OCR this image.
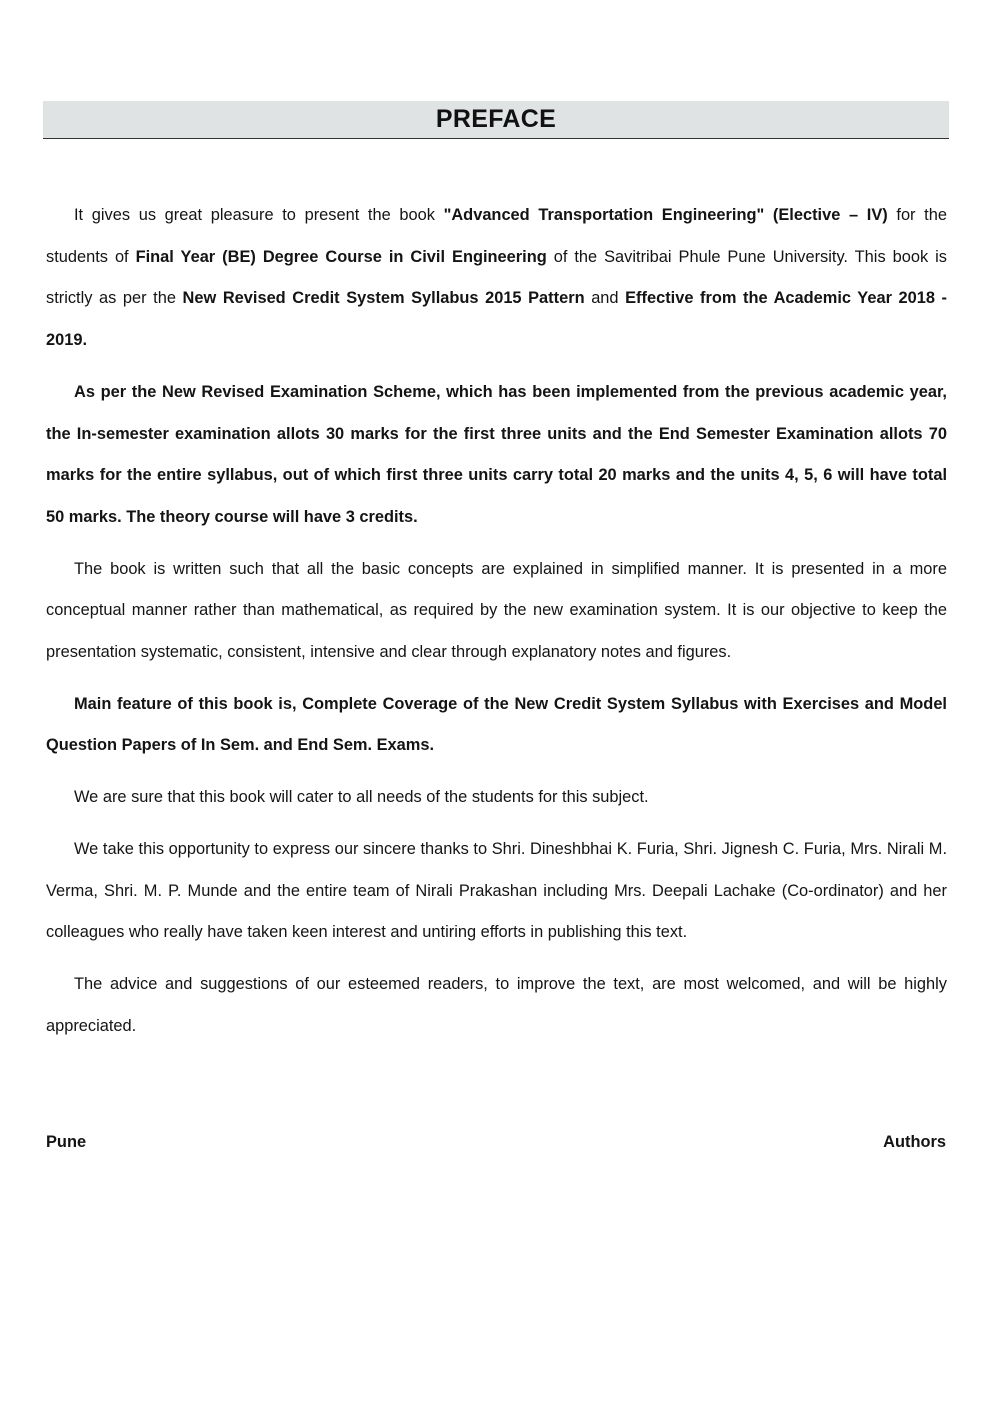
PREFACE

It gives us great pleasure to present the book "Advanced Transportation Engineering" (Elective – IV) for the students of Final Year (BE) Degree Course in Civil Engineering of the Savitribai Phule Pune University. This book is strictly as per the New Revised Credit System Syllabus 2015 Pattern and Effective from the Academic Year 2018 - 2019.

As per the New Revised Examination Scheme, which has been implemented from the previous academic year, the In-semester examination allots 30 marks for the first three units and the End Semester Examination allots 70 marks for the entire syllabus, out of which first three units carry total 20 marks and the units 4, 5, 6 will have total 50 marks. The theory course will have 3 credits.

The book is written such that all the basic concepts are explained in simplified manner. It is presented in a more conceptual manner rather than mathematical, as required by the new examination system. It is our objective to keep the presentation systematic, consistent, intensive and clear through explanatory notes and figures.

Main feature of this book is, Complete Coverage of the New Credit System Syllabus with Exercises and Model Question Papers of In Sem. and End Sem. Exams.

We are sure that this book will cater to all needs of the students for this subject.

We take this opportunity to express our sincere thanks to Shri. Dineshbhai K. Furia, Shri. Jignesh C. Furia, Mrs. Nirali M. Verma, Shri. M. P. Munde and the entire team of Nirali Prakashan including Mrs. Deepali Lachake (Co-ordinator) and her colleagues who really have taken keen interest and untiring efforts in publishing this text.

The advice and suggestions of our esteemed readers, to improve the text, are most welcomed, and will be highly appreciated.

Pune	Authors
